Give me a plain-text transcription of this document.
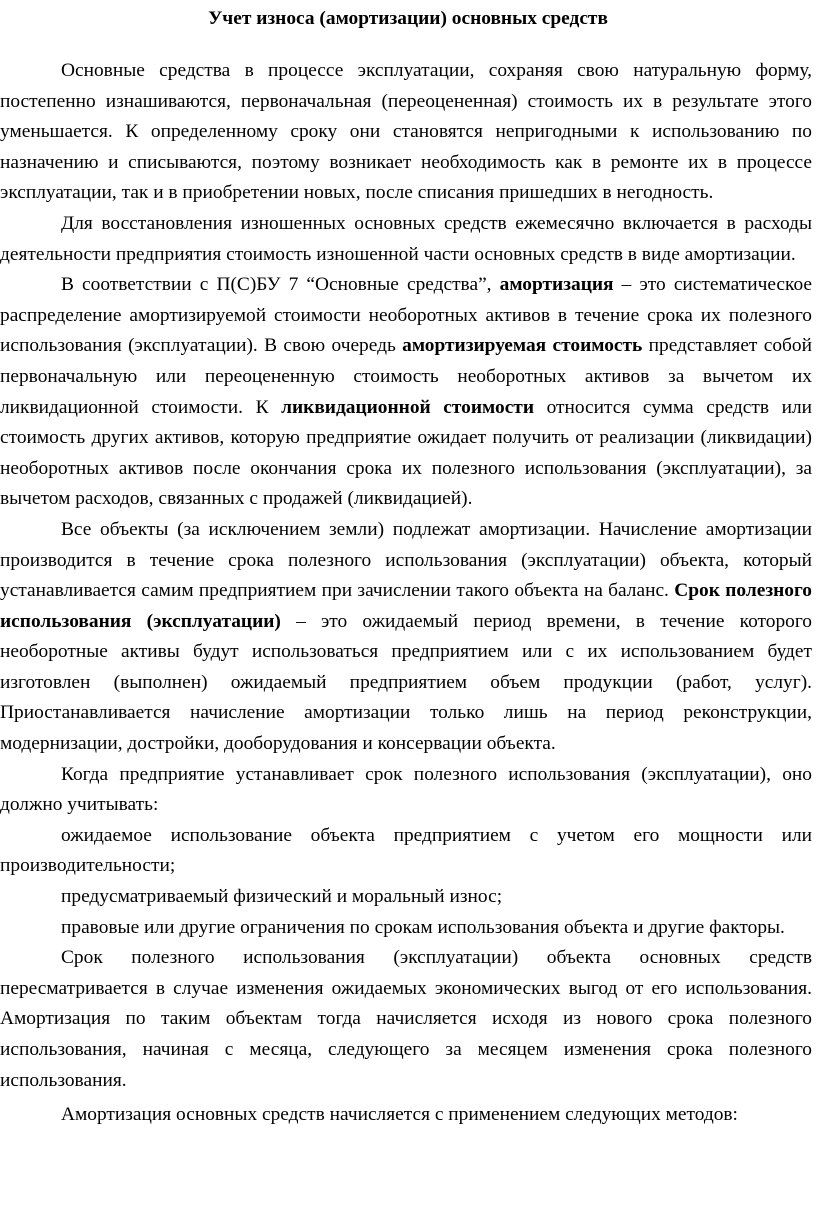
Учет износа (амортизации) основных средств

Основные средства в процессе эксплуатации, сохраняя свою натуральную форму, постепенно изнашиваются, первоначальная (переоцененная) стоимость их в результате этого уменьшается. К определенному сроку они становятся непригодными к использованию по назначению и списываются, поэтому возникает необходимость как в ремонте их в процессе эксплуатации, так и в приобретении новых, после списания пришедших в негодность.

Для восстановления изношенных основных средств ежемесячно включается в расходы деятельности предприятия стоимость изношенной части основных средств в виде амортизации.

В соответствии с П(С)БУ 7 “Основные средства”, амортизация – это систематическое распределение амортизируемой стоимости необоротных активов в течение срока их полезного использования (эксплуатации). В свою очередь амортизируемая стоимость представляет собой первоначальную или переоцененную стоимость необоротных активов за вычетом их ликвидационной стоимости. К ликвидационной стоимости относится сумма средств или стоимость других активов, которую предприятие ожидает получить от реализации (ликвидации) необоротных активов после окончания срока их полезного использования (эксплуатации), за вычетом расходов, связанных с продажей (ликвидацией).

Все объекты (за исключением земли) подлежат амортизации. Начисление амортизации производится в течение срока полезного использования (эксплуатации) объекта, который устанавливается самим предприятием при зачислении такого объекта на баланс. Срок полезного использования (эксплуатации) – это ожидаемый период времени, в течение которого необоротные активы будут использоваться предприятием или с их использованием будет изготовлен (выполнен) ожидаемый предприятием объем продукции (работ, услуг). Приостанавливается начисление амортизации только лишь на период реконструкции, модернизации, достройки, дооборудования и консервации объекта.

Когда предприятие устанавливает срок полезного использования (эксплуатации), оно должно учитывать:

ожидаемое использование объекта предприятием с учетом его мощности или производительности;

предусматриваемый физический и моральный износ;

правовые или другие ограничения по срокам использования объекта и другие факторы.

Срок полезного использования (эксплуатации) объекта основных средств пересматривается в случае изменения ожидаемых экономических выгод от его использования. Амортизация по таким объектам тогда начисляется исходя из нового срока полезного использования, начиная с месяца, следующего за месяцем изменения срока полезного использования.

Амортизация основных средств начисляется с применением следующих методов:
